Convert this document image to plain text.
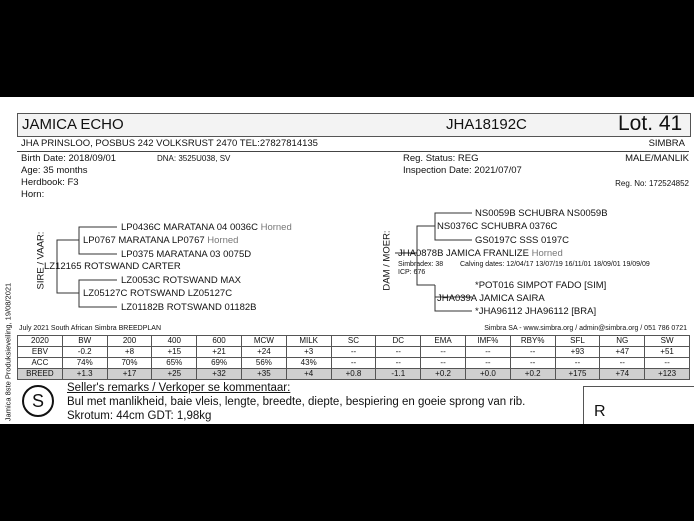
Jamica 8ste Produksieveiling, 19/08/2021
JAMICA ECHO	JHA18192C	Lot. 41
JHA PRINSLOO, POSBUS 242 VOLKSRUST 2470 TEL:27827814135	SIMBRA
Birth Date: 2018/09/01	DNA: 3525U038, SV
Age: 35 months
Herdbook: F3
Horn:
Reg. Status: REG
Inspection Date: 2021/07/07
MALE/MANLIK
Reg. No: 172524852
SIRE / VAAR:
LP0436C MARATANA 04 0036C Horned
LP0767 MARATANA LP0767 Horned
LP0375 MARATANA 03 0075D
LZ12165 ROTSWAND CARTER
LZ0053C ROTSWAND MAX
LZ05127C ROTSWAND LZ05127C
LZ01182B ROTSWAND 01182B
DAM / MOER:
NS0059B SCHUBRA NS0059B
NS0376C SCHUBRA 0376C
GS0197C SSS 0197C
JHA0878B JAMICA FRANLIZE Horned
Simbradex: 38 Calving dates: 12/04/17 13/07/19 16/11/01 18/09/01 19/09/09
ICP: 676
*POT016 SIMPOT FADO [SIM]
JHA039A JAMICA SAIRA
*JHA96112 JHA96112 [BRA]
July 2021 South African Simbra BREEDPLAN	Simbra SA - www.simbra.org / admin@simbra.org / 051 786 0721
2020	BW	200	400	600	MCW	MILK	SC	DC	EMA	IMF%	RBY%	SFL	NG	SW
EBV	-0.2	+8	+15	+21	+24	+3	--	--	--	--	--	+93	+47	+51
ACC	74%	70%	65%	69%	56%	43%	--	--	--	--	--	--	--	--
BREED	+1.3	+17	+25	+32	+35	+4	+0.8	-1.1	+0.2	+0.0	+0.2	+175	+74	+123
S
Seller's remarks / Verkoper se kommentaar:
Bul met manlikheid, baie vleis, lengte, breedte, diepte, bespiering en goeie sprong van rib.
Skrotum: 44cm GDT: 1,98kg	R
